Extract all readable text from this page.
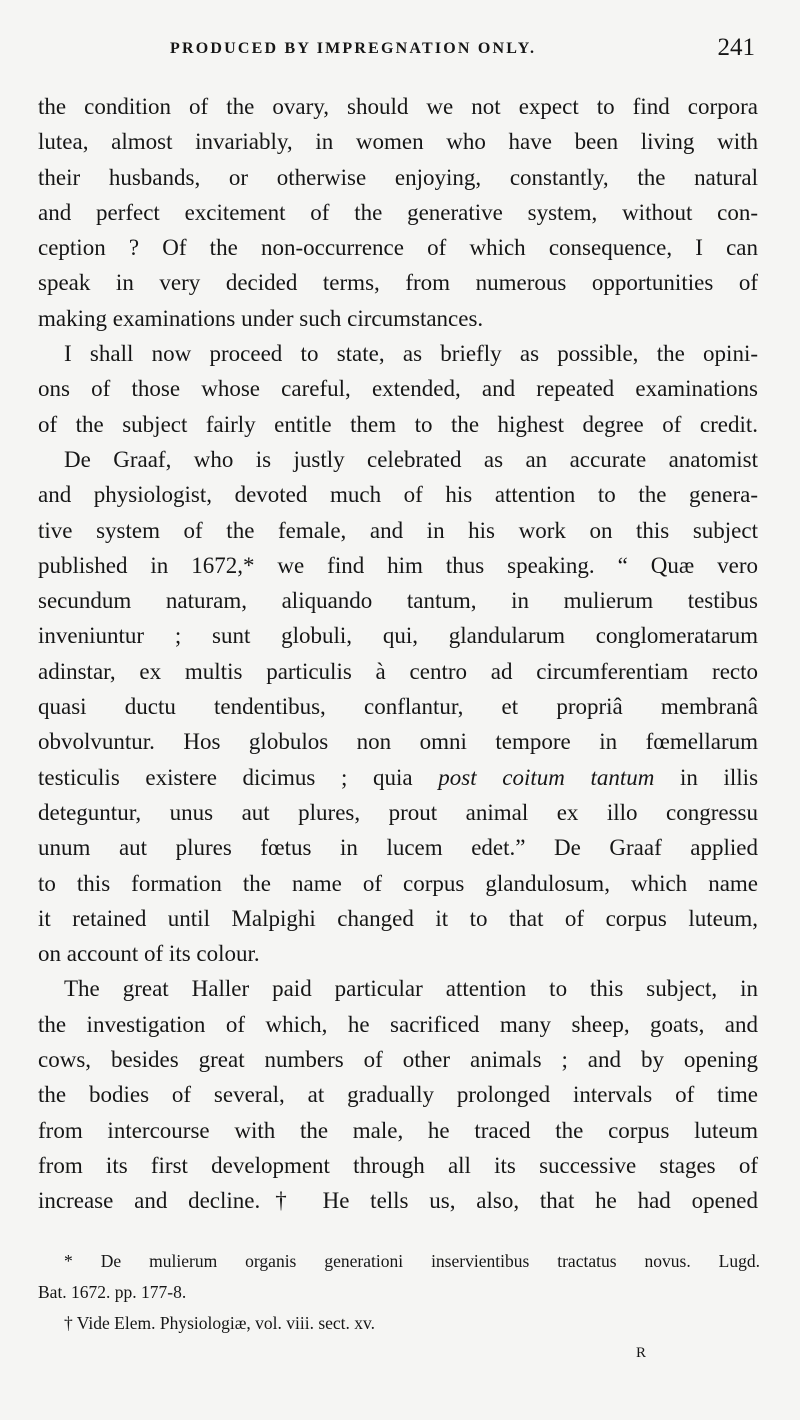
PRODUCED BY IMPREGNATION ONLY.	241
the condition of the ovary, should we not expect to find corpora
lutea, almost invariably, in women who have been living with
their husbands, or otherwise enjoying, constantly, the natural
and perfect excitement of the generative system, without con-
ception ? Of the non-occurrence of which consequence, I can
speak in very decided terms, from numerous opportunities of
making examinations under such circumstances.
I shall now proceed to state, as briefly as possible, the opini-
ons of those whose careful, extended, and repeated examinations
of the subject fairly entitle them to the highest degree of credit.
De Graaf, who is justly celebrated as an accurate anatomist
and physiologist, devoted much of his attention to the genera-
tive system of the female, and in his work on this subject
published in 1672,* we find him thus speaking. “ Quæ vero
secundum naturam, aliquando tantum, in mulierum testibus
inveniuntur ; sunt globuli, qui, glandularum conglomeratarum
adinstar, ex multis particulis à centro ad circumferentiam recto
quasi ductu tendentibus, conflantur, et propriâ membranâ
obvolvuntur. Hos globulos non omni tempore in fœmellarum
testiculis existere dicimus ; quia post coitum tantum in illis
deteguntur, unus aut plures, prout animal ex illo congressu
unum aut plures fœtus in lucem edet.” De Graaf applied
to this formation the name of corpus glandulosum, which name
it retained until Malpighi changed it to that of corpus luteum,
on account of its colour.
The great Haller paid particular attention to this subject, in
the investigation of which, he sacrificed many sheep, goats, and
cows, besides great numbers of other animals ; and by opening
the bodies of several, at gradually prolonged intervals of time
from intercourse with the male, he traced the corpus luteum
from its first development through all its successive stages of
increase and decline.† He tells us, also, that he had opened
* De mulierum organis generationi inservientibus tractatus novus. Lugd.
Bat. 1672. pp. 177-8.
† Vide Elem. Physiologiæ, vol. viii. sect. xv.
R
